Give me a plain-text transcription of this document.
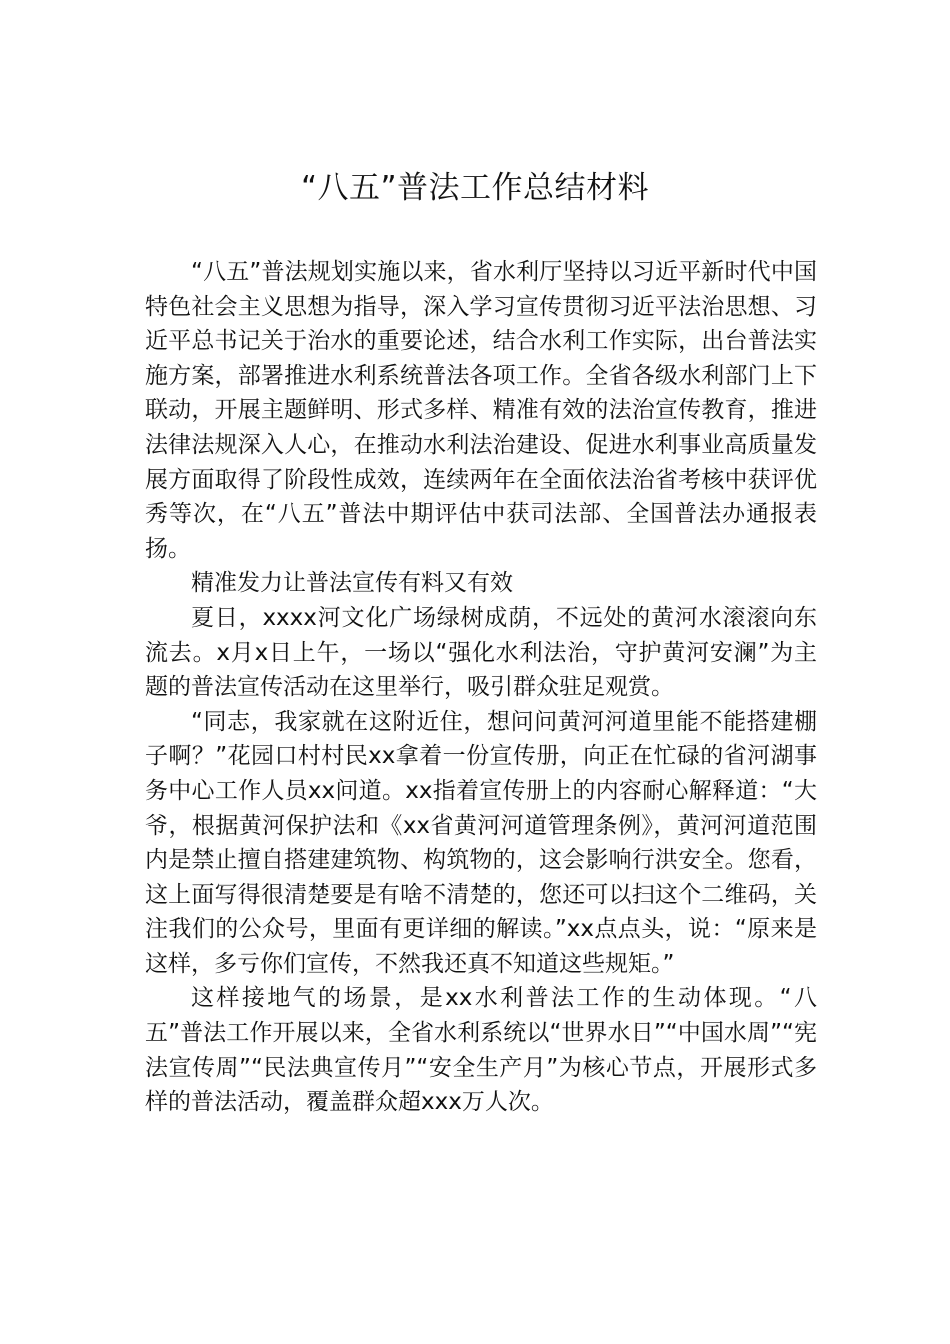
“八五”普法工作总结材料

“八五”普法规划实施以来，省水利厅坚持以习近平新时代中国特色社会主义思想为指导，深入学习宣传贯彻习近平法治思想、习近平总书记关于治水的重要论述，结合水利工作实际，出台普法实施方案，部署推进水利系统普法各项工作。全省各级水利部门上下联动，开展主题鲜明、形式多样、精准有效的法治宣传教育，推进法律法规深入人心，在推动水利法治建设、促进水利事业高质量发展方面取得了阶段性成效，连续两年在全面依法治省考核中获评优秀等次，在“八五”普法中期评估中获司法部、全国普法办通报表扬。

精准发力让普法宣传有料又有效

夏日，xxxx河文化广场绿树成荫，不远处的黄河水滚滚向东流去。x月x日上午，一场以“强化水利法治，守护黄河安澜”为主题的普法宣传活动在这里举行，吸引群众驻足观赏。

“同志，我家就在这附近住，想问问黄河河道里能不能搭建棚子啊？”花园口村村民xx拿着一份宣传册，向正在忙碌的省河湖事务中心工作人员xx问道。xx指着宣传册上的内容耐心解释道：“大爷，根据黄河保护法和《xx省黄河河道管理条例》，黄河河道范围内是禁止擅自搭建建筑物、构筑物的，这会影响行洪安全。您看，这上面写得很清楚要是有啥不清楚的，您还可以扫这个二维码，关注我们的公众号，里面有更详细的解读。”xx点点头，说：“原来是这样，多亏你们宣传，不然我还真不知道这些规矩。”

这样接地气的场景，是xx水利普法工作的生动体现。“八五”普法工作开展以来，全省水利系统以“世界水日”“中国水周”“宪法宣传周”“民法典宣传月”“安全生产月”为核心节点，开展形式多样的普法活动，覆盖群众超xxx万人次。
